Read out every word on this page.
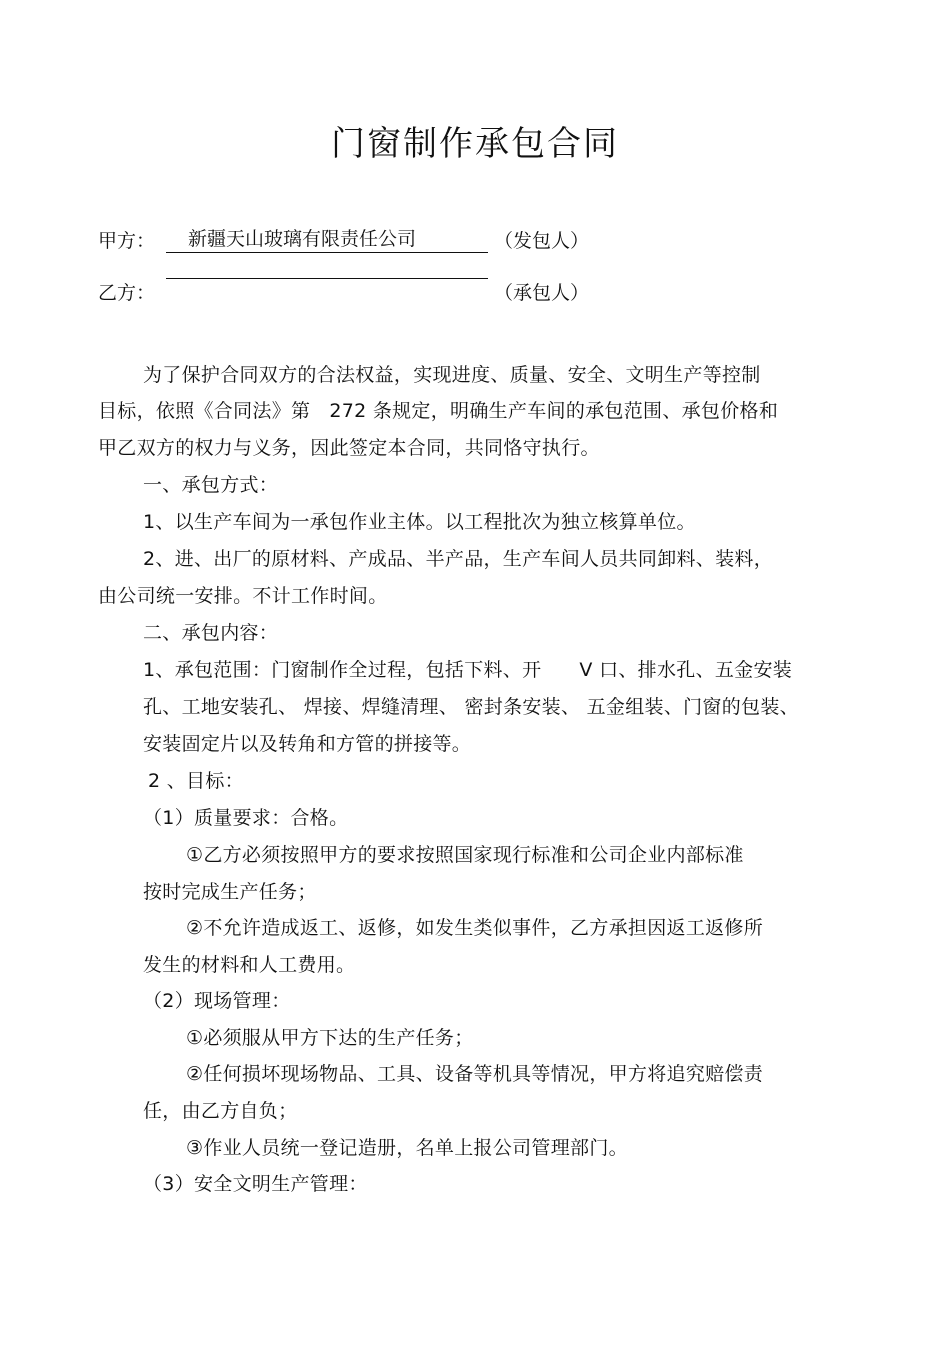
门窗制作承包合同
甲方： 新疆天山玻璃有限责任公司	（发包人）
乙方：	（承包人）
为了保护合同双方的合法权益，实现进度、质量、安全、文明生产等控制
目标，依照《合同法》第   272 条规定，明确生产车间的承包范围、承包价格和
甲乙双方的权力与义务，因此签定本合同，共同恪守执行。
一、承包方式：
1、以生产车间为一承包作业主体。以工程批次为独立核算单位。
2、进、出厂的原材料、产成品、半产品，生产车间人员共同卸料、装料，
由公司统一安排。不计工作时间。
二、承包内容：
1、承包范围：门窗制作全过程，包括下料、开      V 口、排水孔、五金安装
孔、工地安装孔、 焊接、焊缝清理、 密封条安装、 五金组装、门窗的包装、
安装固定片以及转角和方管的拼接等。
2 、目标：
（1）质量要求：合格。
①乙方必须按照甲方的要求按照国家现行标准和公司企业内部标准
按时完成生产任务；
②不允许造成返工、返修，如发生类似事件，乙方承担因返工返修所
发生的材料和人工费用。
（2）现场管理：
①必须服从甲方下达的生产任务；
②任何损坏现场物品、工具、设备等机具等情况，甲方将追究赔偿责
任，由乙方自负；
③作业人员统一登记造册，名单上报公司管理部门。
（3）安全文明生产管理：
